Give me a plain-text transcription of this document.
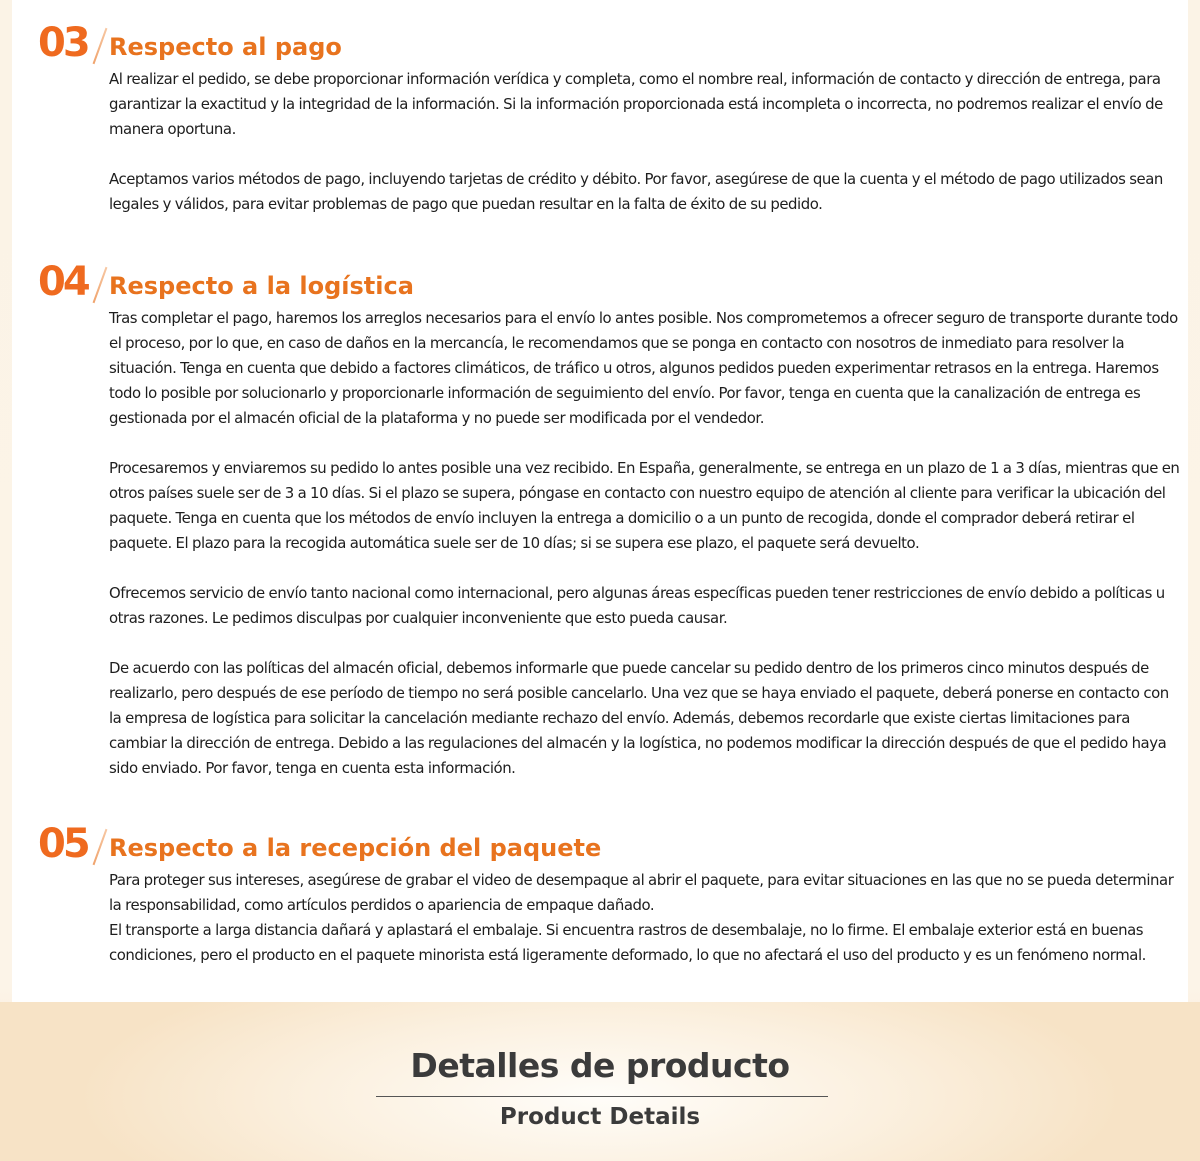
03 Respecto al pago

Al realizar el pedido, se debe proporcionar información verídica y completa, como el nombre real, información de contacto y dirección de entrega, para garantizar la exactitud y la integridad de la información. Si la información proporcionada está incompleta o incorrecta, no podremos realizar el envío de manera oportuna.

Aceptamos varios métodos de pago, incluyendo tarjetas de crédito y débito. Por favor, asegúrese de que la cuenta y el método de pago utilizados sean legales y válidos, para evitar problemas de pago que puedan resultar en la falta de éxito de su pedido.

04 Respecto a la logística

Tras completar el pago, haremos los arreglos necesarios para el envío lo antes posible. Nos comprometemos a ofrecer seguro de transporte durante todo el proceso, por lo que, en caso de daños en la mercancía, le recomendamos que se ponga en contacto con nosotros de inmediato para resolver la situación. Tenga en cuenta que debido a factores climáticos, de tráfico u otros, algunos pedidos pueden experimentar retrasos en la entrega. Haremos todo lo posible por solucionarlo y proporcionarle información de seguimiento del envío. Por favor, tenga en cuenta que la canalización de entrega es gestionada por el almacén oficial de la plataforma y no puede ser modificada por el vendedor.

Procesaremos y enviaremos su pedido lo antes posible una vez recibido. En España, generalmente, se entrega en un plazo de 1 a 3 días, mientras que en otros países suele ser de 3 a 10 días. Si el plazo se supera, póngase en contacto con nuestro equipo de atención al cliente para verificar la ubicación del paquete. Tenga en cuenta que los métodos de envío incluyen la entrega a domicilio o a un punto de recogida, donde el comprador deberá retirar el paquete. El plazo para la recogida automática suele ser de 10 días; si se supera ese plazo, el paquete será devuelto.

Ofrecemos servicio de envío tanto nacional como internacional, pero algunas áreas específicas pueden tener restricciones de envío debido a políticas u otras razones. Le pedimos disculpas por cualquier inconveniente que esto pueda causar.

De acuerdo con las políticas del almacén oficial, debemos informarle que puede cancelar su pedido dentro de los primeros cinco minutos después de realizarlo, pero después de ese período de tiempo no será posible cancelarlo. Una vez que se haya enviado el paquete, deberá ponerse en contacto con la empresa de logística para solicitar la cancelación mediante rechazo del envío. Además, debemos recordarle que existe ciertas limitaciones para cambiar la dirección de entrega. Debido a las regulaciones del almacén y la logística, no podemos modificar la dirección después de que el pedido haya sido enviado. Por favor, tenga en cuenta esta información.

05 Respecto a la recepción del paquete

Para proteger sus intereses, asegúrese de grabar el video de desempaque al abrir el paquete, para evitar situaciones en las que no se pueda determinar la responsabilidad, como artículos perdidos o apariencia de empaque dañado.

El transporte a larga distancia dañará y aplastará el embalaje. Si encuentra rastros de desembalaje, no lo firme. El embalaje exterior está en buenas condiciones, pero el producto en el paquete minorista está ligeramente deformado, lo que no afectará el uso del producto y es un fenómeno normal.

Detalles de producto
Product Details
